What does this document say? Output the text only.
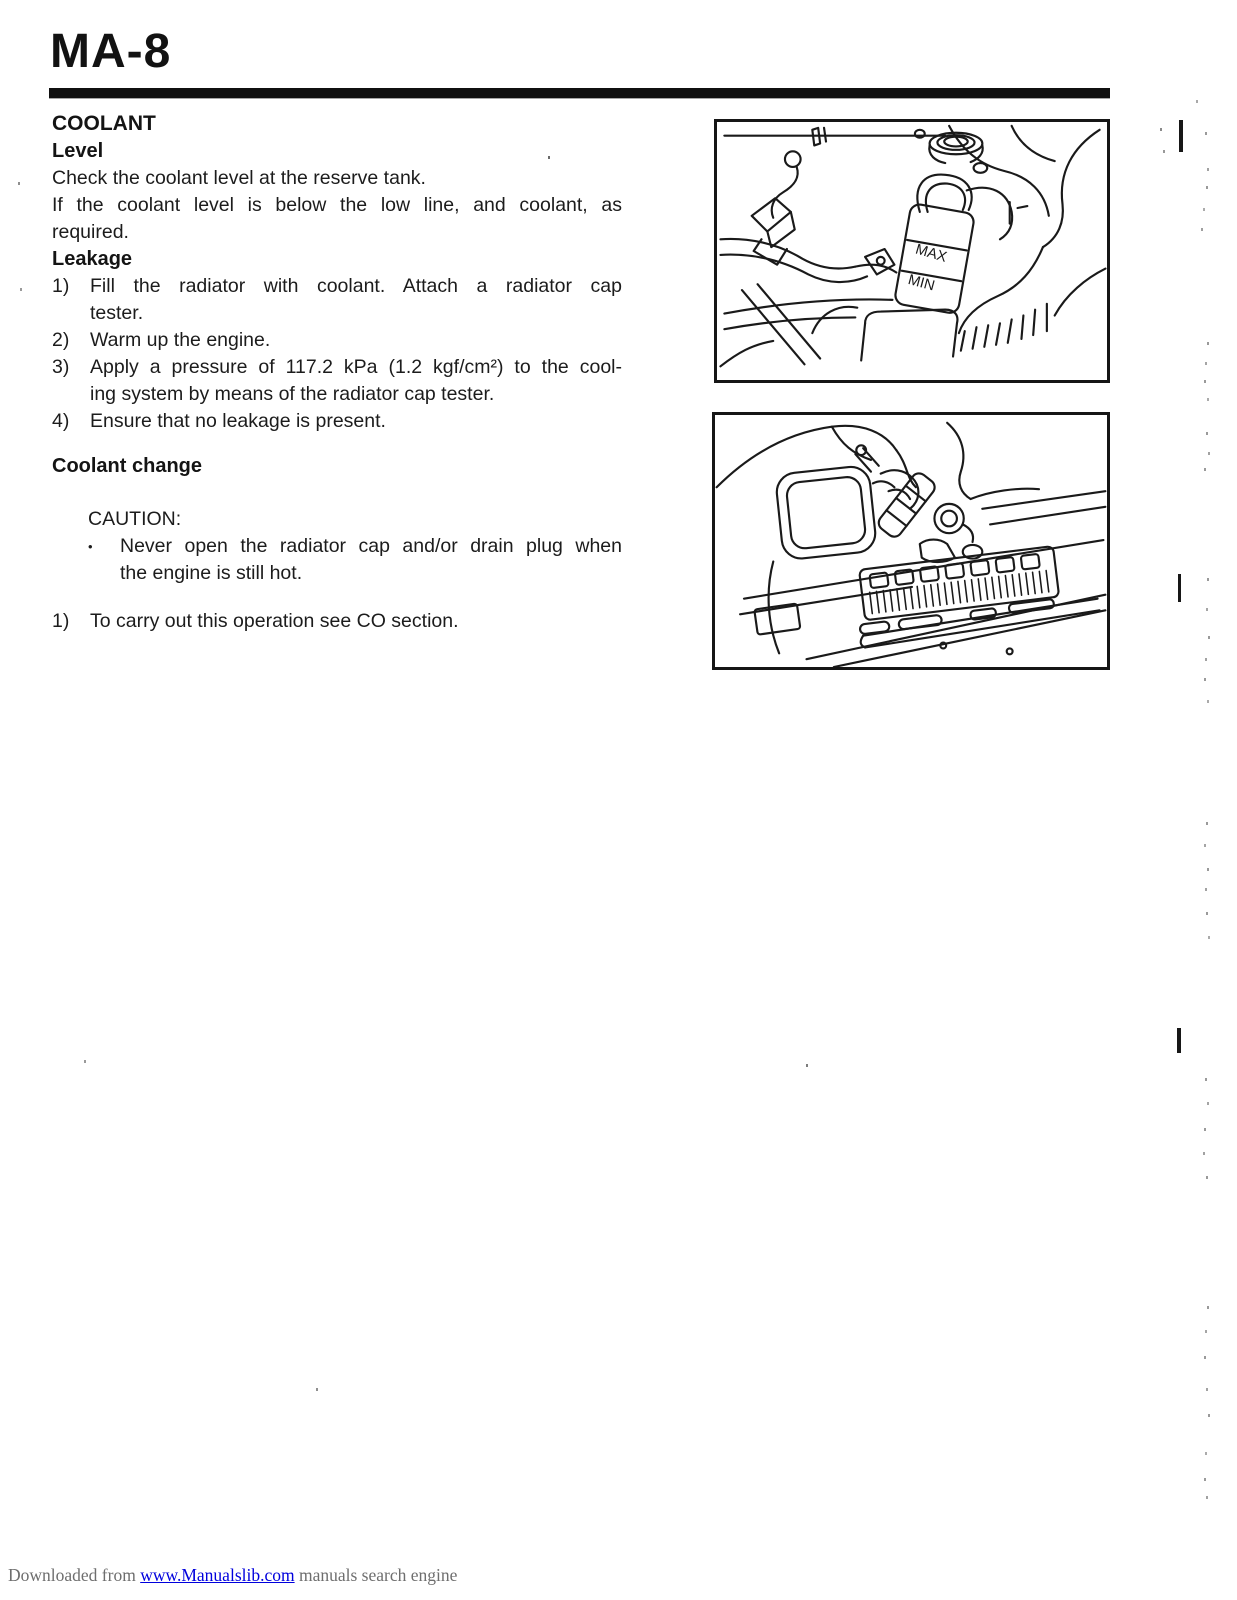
MA-8
COOLANT
Level
Check the coolant level at the reserve tank.
If the coolant level is below the low line, and coolant, as
required.
Leakage
1)	Fill the radiator with coolant. Attach a radiator cap
tester.
2)	Warm up the engine.
3)	Apply a pressure of 117.2 kPa (1.2 kgf/cm²) to the cool-
ing system by means of the radiator cap tester.
4)	Ensure that no leakage is present.
Coolant change
CAUTION:
•	Never open the radiator cap and/or drain plug when
the engine is still hot.
1)	To carry out this operation see CO section.
MAX
MIN
Downloaded from www.Manualslib.com manuals search engine
